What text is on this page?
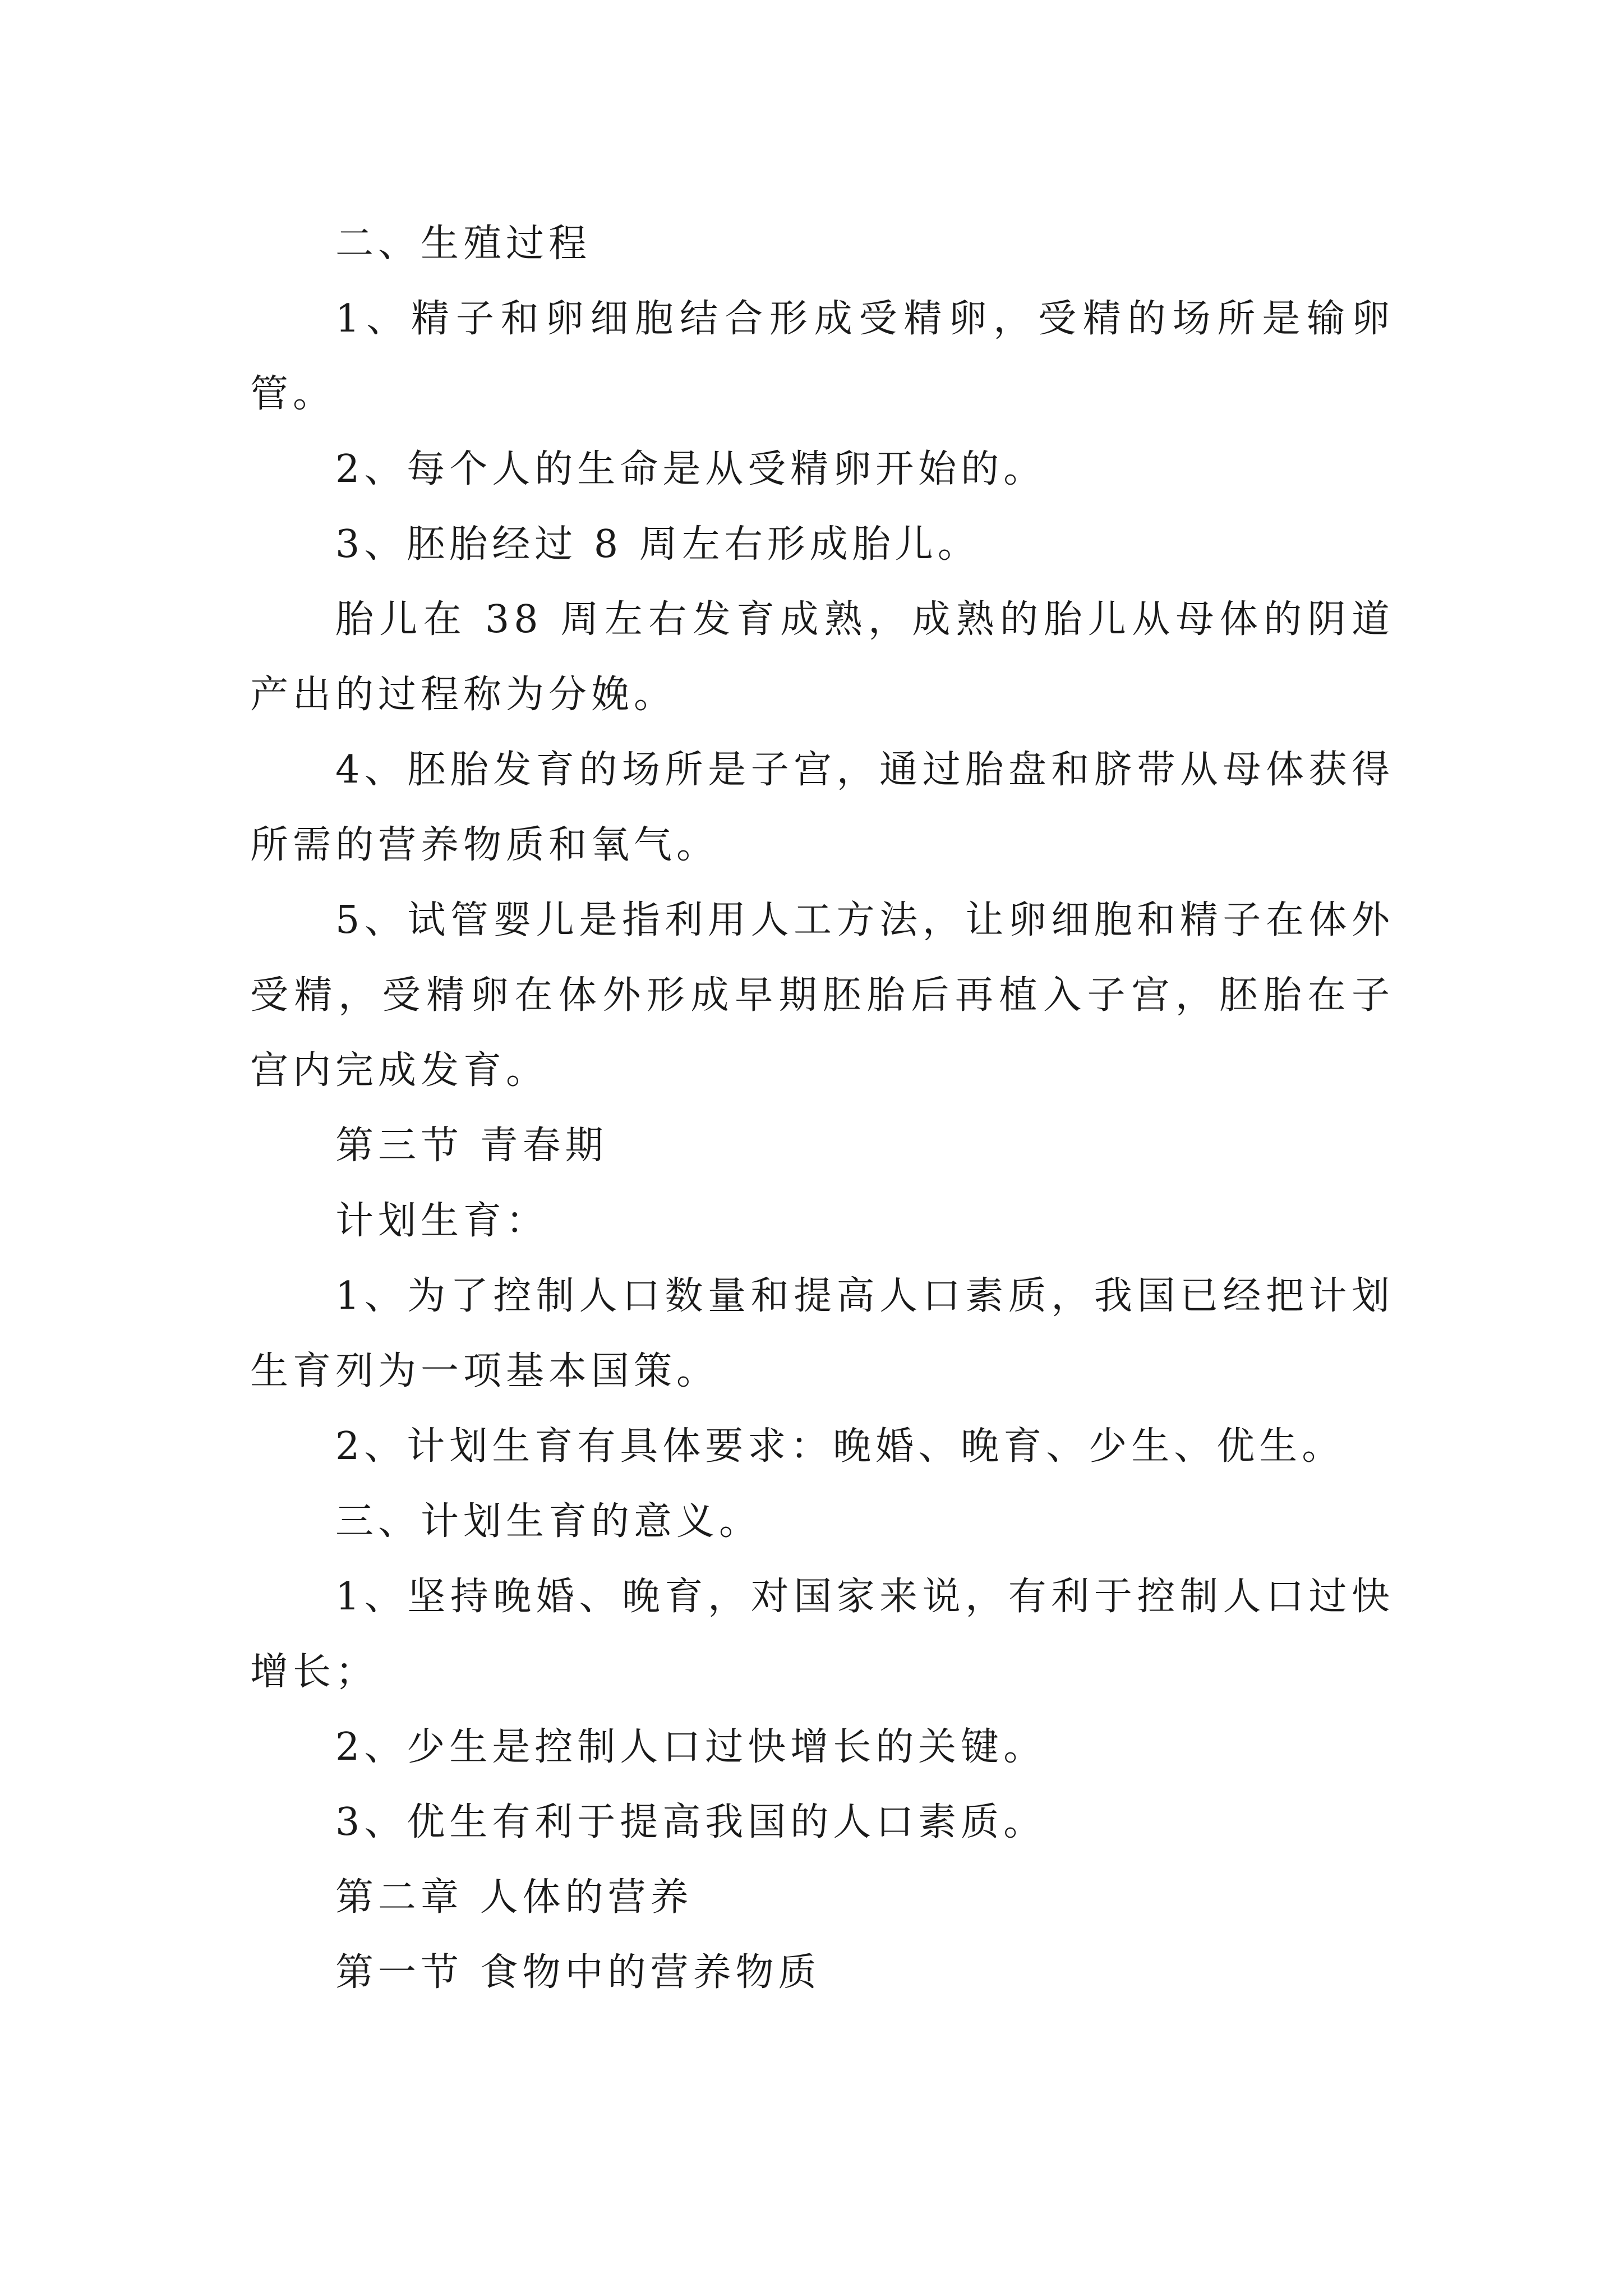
二、生殖过程

1、精子和卵细胞结合形成受精卵，受精的场所是输卵管。

2、每个人的生命是从受精卵开始的。

3、胚胎经过 8 周左右形成胎儿。

胎儿在 38 周左右发育成熟，成熟的胎儿从母体的阴道产出的过程称为分娩。

4、胚胎发育的场所是子宫，通过胎盘和脐带从母体获得所需的营养物质和氧气。

5、试管婴儿是指利用人工方法，让卵细胞和精子在体外受精，受精卵在体外形成早期胚胎后再植入子宫，胚胎在子宫内完成发育。

第三节 青春期

计划生育：

1、为了控制人口数量和提高人口素质，我国已经把计划生育列为一项基本国策。

2、计划生育有具体要求：晚婚、晚育、少生、优生。

三、计划生育的意义。

1、坚持晚婚、晚育，对国家来说，有利于控制人口过快增长；

2、少生是控制人口过快增长的关键。

3、优生有利于提高我国的人口素质。

第二章 人体的营养

第一节 食物中的营养物质
